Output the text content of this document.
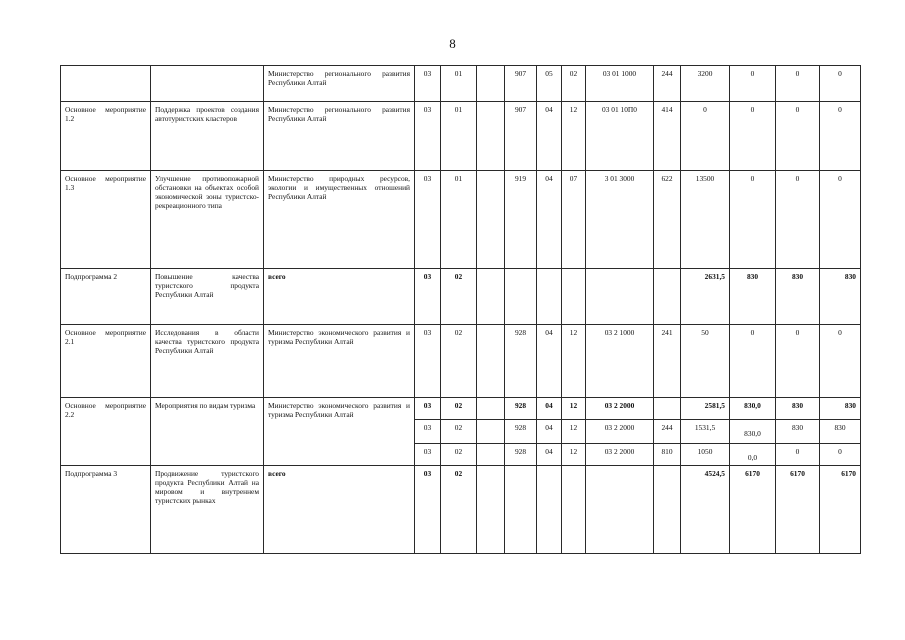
8
		Министерство регионального развития Республики Алтай	03	01		907	05	02	03 01 1000	244	3200	0	0	0
Основное мероприятие 1.2	Поддержка проектов создания автотуристских кластеров	Министерство регионального развития Республики Алтай	03	01		907	04	12	03 01 10П0	414	0	0	0	0
Основное мероприятие 1.3	Улучшение противопожарной обстановки на объектах особой экономической зоны туристско-рекреационного типа	Министерство природных ресурсов, экологии и имущественных отношений Республики Алтай	03	01		919	04	07	3 01 3000	622	13500	0	0	0
Подпрограмма 2	Повышение качества туристского продукта Республики Алтай	всего	03	02							2631,5	830	830	830
Основное мероприятие 2.1	Исследования в области качества туристского продукта Республики Алтай	Министерство экономического развития и туризма Республики Алтай	03	02		928	04	12	03 2 1000	241	50	0	0	0
Основное мероприятие 2.2	Мероприятия по видам туризма	Министерство экономического развития и туризма Республики Алтай	03	02		928	04	12	03 2 2000		2581,5	830,0	830	830
			03	02		928	04	12	03 2 2000	244	1531,5	830,0	830	830
			03	02		928	04	12	03 2 2000	810	1050	0,0	0	0
Подпрограмма 3	Продвижение туристского продукта Республики Алтай на мировом и внутреннем туристских рынках	всего	03	02							4524,5	6170	6170	6170
